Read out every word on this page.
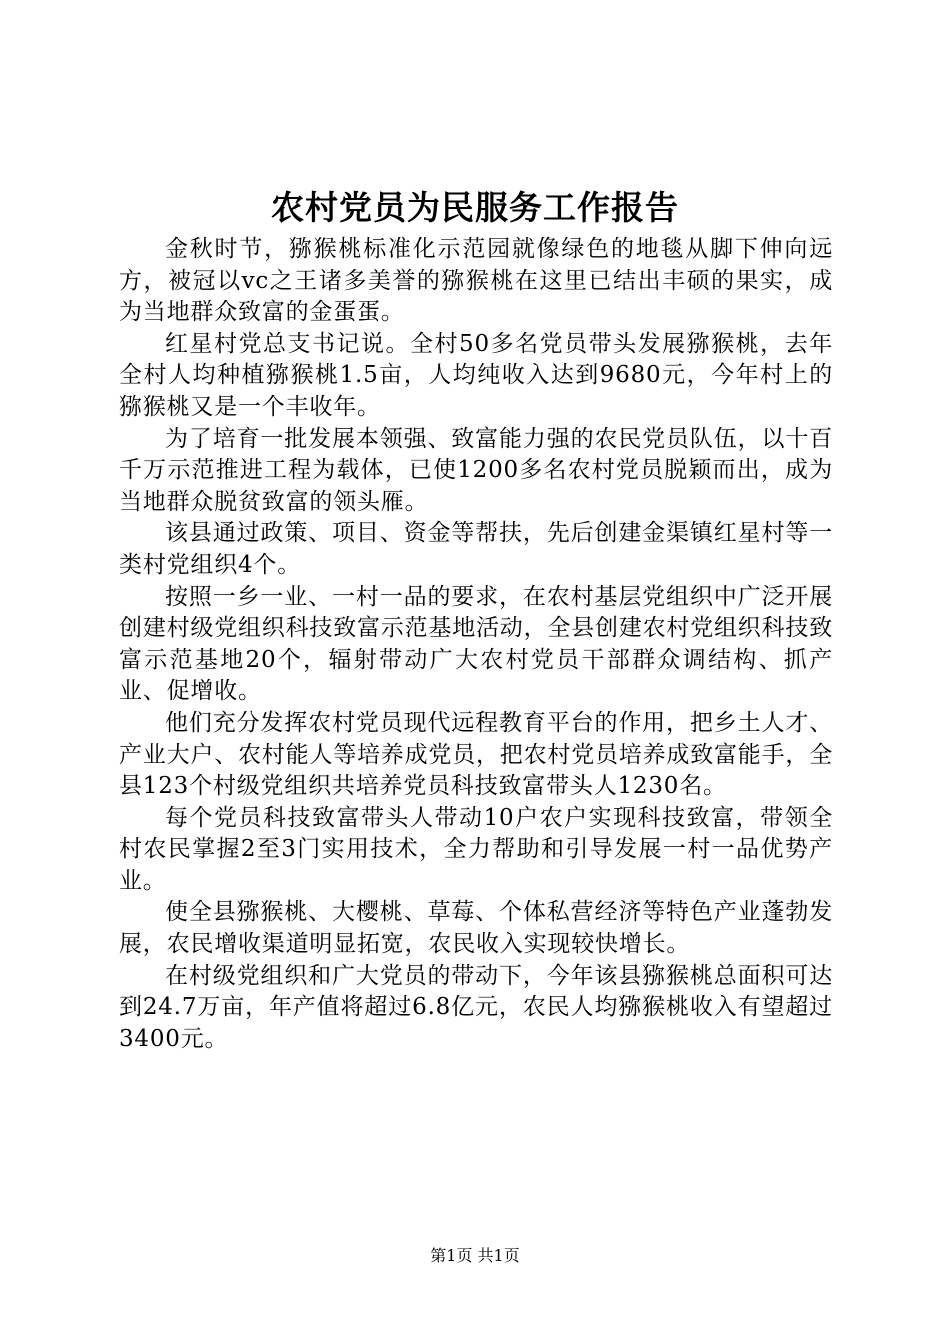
农村党员为民服务工作报告

金秋时节，猕猴桃标准化示范园就像绿色的地毯从脚下伸向远方，被冠以vc之王诸多美誉的猕猴桃在这里已结出丰硕的果实，成为当地群众致富的金蛋蛋。

红星村党总支书记说。全村50多名党员带头发展猕猴桃，去年全村人均种植猕猴桃1.5亩，人均纯收入达到9680元，今年村上的猕猴桃又是一个丰收年。

为了培育一批发展本领强、致富能力强的农民党员队伍，以十百千万示范推进工程为载体，已使1200多名农村党员脱颖而出，成为当地群众脱贫致富的领头雁。

该县通过政策、项目、资金等帮扶，先后创建金渠镇红星村等一类村党组织4个。

按照一乡一业、一村一品的要求，在农村基层党组织中广泛开展创建村级党组织科技致富示范基地活动，全县创建农村党组织科技致富示范基地20个，辐射带动广大农村党员干部群众调结构、抓产业、促增收。

他们充分发挥农村党员现代远程教育平台的作用，把乡土人才、产业大户、农村能人等培养成党员，把农村党员培养成致富能手，全县123个村级党组织共培养党员科技致富带头人1230名。

每个党员科技致富带头人带动10户农户实现科技致富，带领全村农民掌握2至3门实用技术，全力帮助和引导发展一村一品优势产业。

使全县猕猴桃、大樱桃、草莓、个体私营经济等特色产业蓬勃发展，农民增收渠道明显拓宽，农民收入实现较快增长。

在村级党组织和广大党员的带动下，今年该县猕猴桃总面积可达到24.7万亩，年产值将超过6.8亿元，农民人均猕猴桃收入有望超过3400元。

第1页 共1页
